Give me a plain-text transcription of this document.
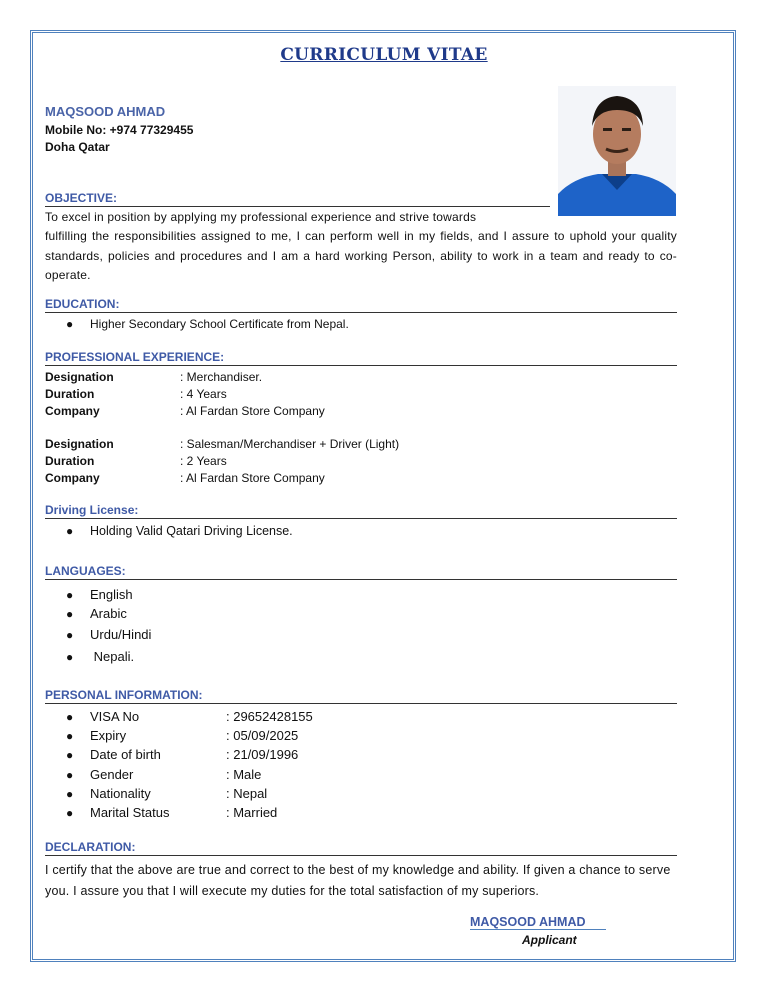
CURRICULUM VITAE
MAQSOOD AHMAD
Mobile No: +974 77329455
Doha Qatar
OBJECTIVE:
To excel in position by applying my professional experience and strive towards
fulfilling the responsibilities assigned to me, I can perform well in my fields, and I assure to uphold your quality standards, policies and procedures and I am a hard working Person, ability to work in a team and ready to co-operate.
EDUCATION:
● Higher Secondary School Certificate from Nepal.
PROFESSIONAL EXPERIENCE:
Designation	: Merchandiser.
Duration	: 4 Years
Company	: Al Fardan Store Company
Designation	: Salesman/Merchandiser + Driver (Light)
Duration	: 2 Years
Company	: Al Fardan Store Company
Driving License:
● Holding Valid Qatari Driving License.
LANGUAGES:
● English
● Arabic
● Urdu/Hindi
● Nepali.
PERSONAL INFORMATION:
● VISA No	: 29652428155
● Expiry	: 05/09/2025
● Date of birth	: 21/09/1996
● Gender	: Male
● Nationality	: Nepal
● Marital Status	: Married
DECLARATION:
I certify that the above are true and correct to the best of my knowledge and ability. If given a chance to serve you. I assure you that I will execute my duties for the total satisfaction of my superiors.
MAQSOOD AHMAD
Applicant
